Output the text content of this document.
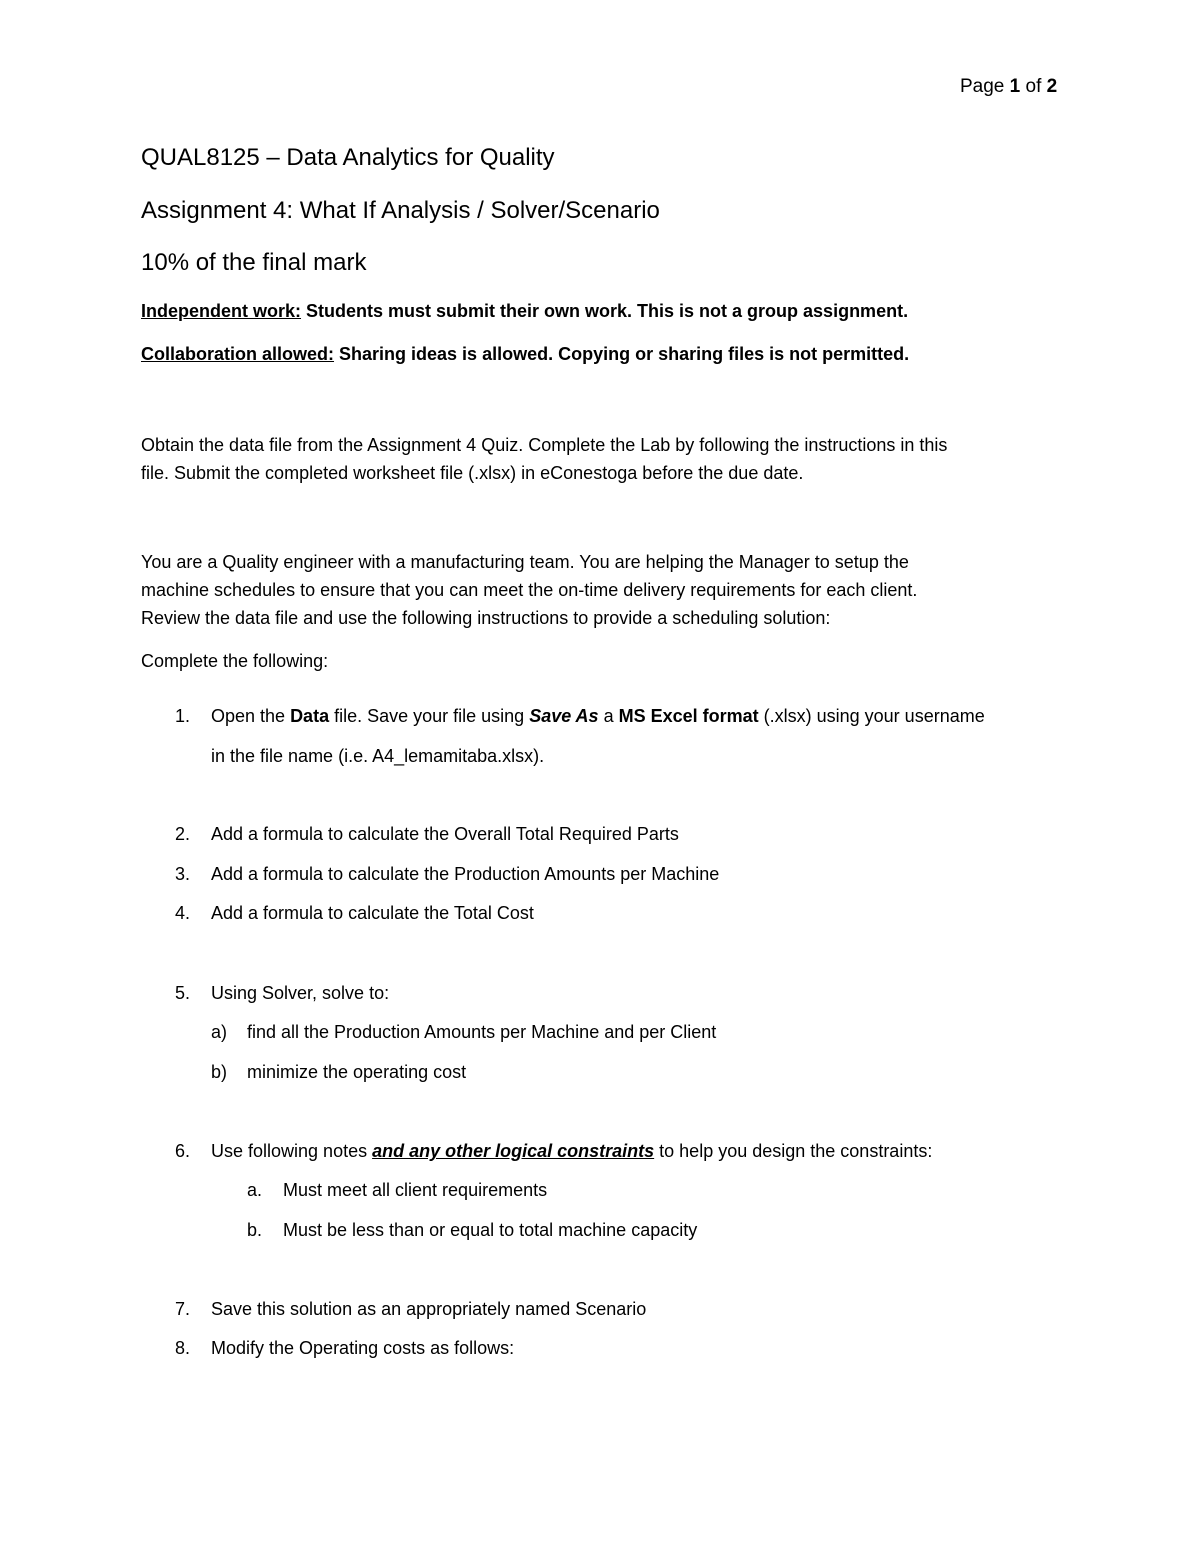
Page 1 of 2
QUAL8125 – Data Analytics for Quality
Assignment 4: What If Analysis / Solver/Scenario
10% of the final mark
Independent work: Students must submit their own work. This is not a group assignment.
Collaboration allowed: Sharing ideas is allowed. Copying or sharing files is not permitted.
Obtain the data file from the Assignment 4 Quiz. Complete the Lab by following the instructions in this
file. Submit the completed worksheet file (.xlsx) in eConestoga before the due date.
You are a Quality engineer with a manufacturing team. You are helping the Manager to setup the
machine schedules to ensure that you can meet the on-time delivery requirements for each client.
Review the data file and use the following instructions to provide a scheduling solution:
Complete the following:
1. Open the Data file. Save your file using Save As a MS Excel format (.xlsx) using your username
in the file name (i.e. A4_lemamitaba.xlsx).
2. Add a formula to calculate the Overall Total Required Parts
3. Add a formula to calculate the Production Amounts per Machine
4. Add a formula to calculate the Total Cost
5. Using Solver, solve to:
a) find all the Production Amounts per Machine and per Client
b) minimize the operating cost
6. Use following notes and any other logical constraints to help you design the constraints:
a. Must meet all client requirements
b. Must be less than or equal to total machine capacity
7. Save this solution as an appropriately named Scenario
8. Modify the Operating costs as follows:
